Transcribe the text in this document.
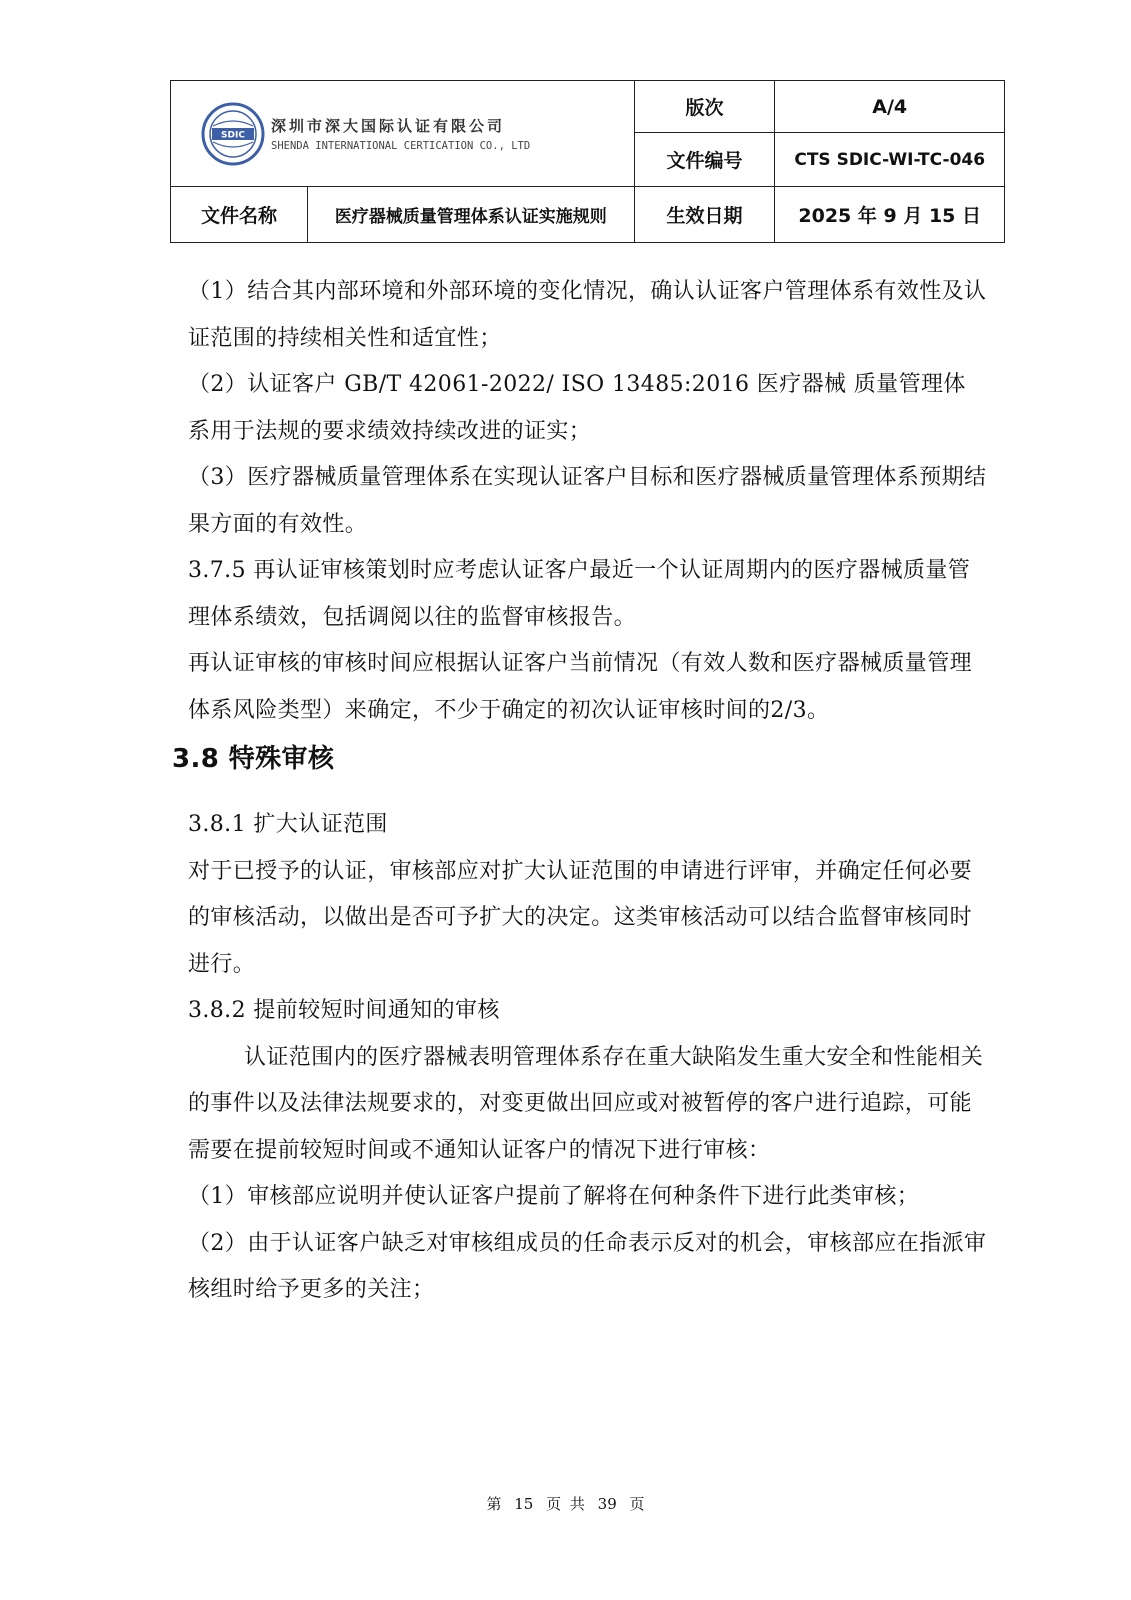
SDIC 深圳市深大国际认证有限公司
SHENDA INTERNATIONAL CERTICATION CO., LTD		版次	A/4
		文件编号	CTS SDIC-WI-TC-046
文件名称	医疗器械质量管理体系认证实施规则	生效日期	2025 年 9 月 15 日

（1）结合其内部环境和外部环境的变化情况，确认认证客户管理体系有效性及认证范围的持续相关性和适宜性；

（2）认证客户 GB/T 42061-2022/ ISO 13485:2016 医疗器械 质量管理体系用于法规的要求绩效持续改进的证实；

（3）医疗器械质量管理体系在实现认证客户目标和医疗器械质量管理体系预期结果方面的有效性。

3.7.5 再认证审核策划时应考虑认证客户最近一个认证周期内的医疗器械质量管理体系绩效，包括调阅以往的监督审核报告。

再认证审核的审核时间应根据认证客户当前情况（有效人数和医疗器械质量管理体系风险类型）来确定，不少于确定的初次认证审核时间的2/3。

3.8 特殊审核

3.8.1 扩大认证范围

对于已授予的认证，审核部应对扩大认证范围的申请进行评审，并确定任何必要的审核活动，以做出是否可予扩大的决定。这类审核活动可以结合监督审核同时进行。

3.8.2 提前较短时间通知的审核

认证范围内的医疗器械表明管理体系存在重大缺陷发生重大安全和性能相关的事件以及法律法规要求的，对变更做出回应或对被暂停的客户进行追踪，可能需要在提前较短时间或不通知认证客户的情况下进行审核：

（1）审核部应说明并使认证客户提前了解将在何种条件下进行此类审核；

（2）由于认证客户缺乏对审核组成员的任命表示反对的机会，审核部应在指派审核组时给予更多的关注；

第 15 页 共 39 页
